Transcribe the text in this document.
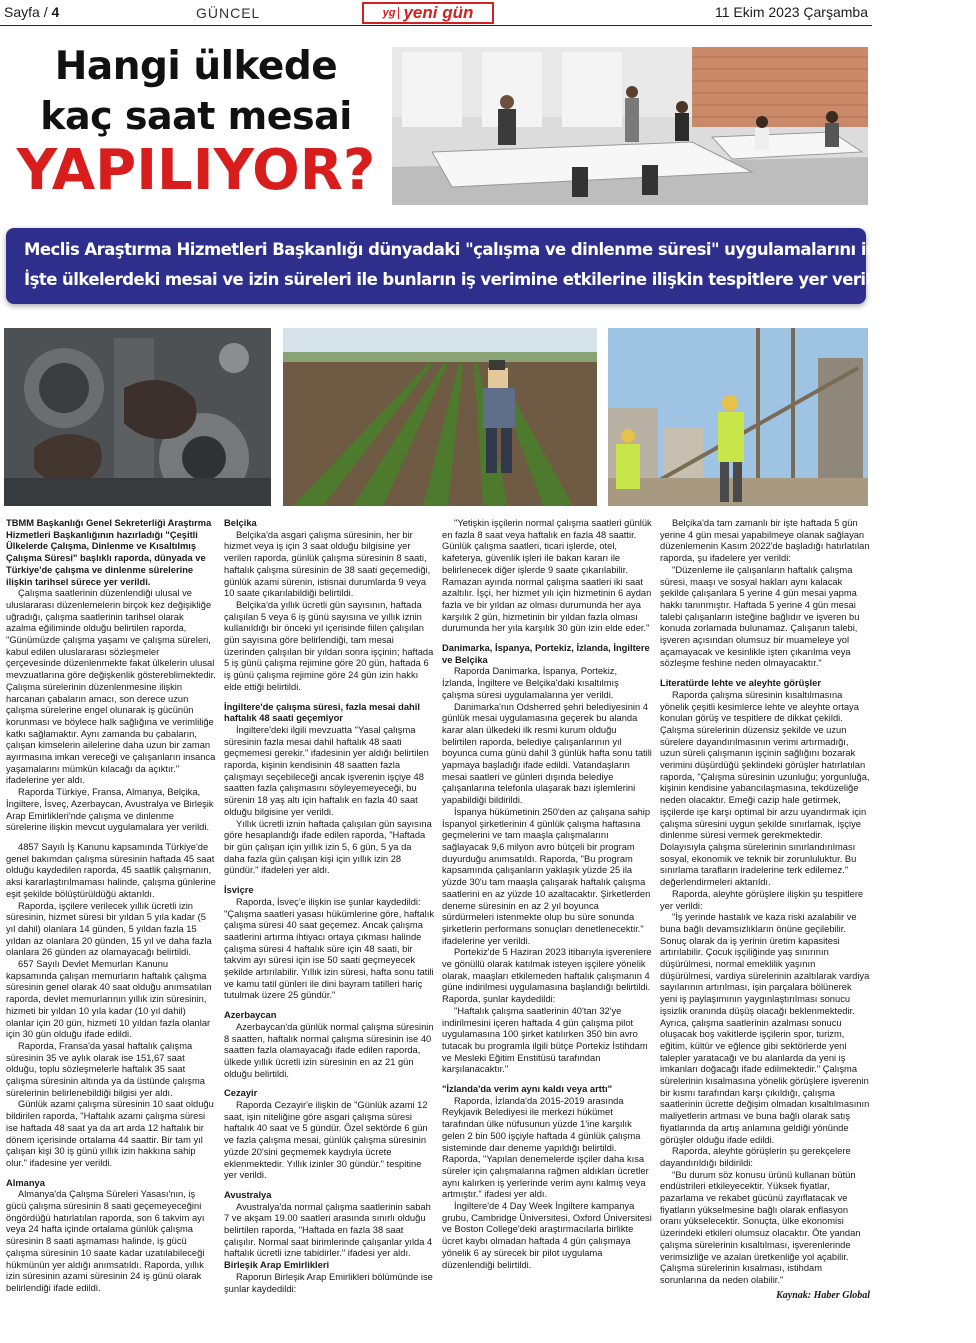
Sayfa / 4	GÜNCEL	yg yeni gün	11 Ekim 2023 Çarşamba
Hangi ülkede
kaç saat mesai
YAPILIYOR?

Meclis Araştırma Hizmetleri Başkanlığı dünyadaki "çalışma ve dinlenme süresi" uygulamalarını inceledi.

İşte ülkelerdeki mesai ve izin süreleri ile bunların iş verimine etkilerine ilişkin tespitlere yer verilen o rapor...

TBMM Başkanlığı Genel Sekreterliği Araştırma Hizmetleri Başkanlığının hazırladığı "Çeşitli Ülkelerde Çalışma, Dinlenme ve Kısaltılmış Çalışma Süresi" başlıklı raporda, dünyada ve Türkiye'de çalışma ve dinlenme sürelerine ilişkin tarihsel sürece yer verildi.

Çalışma saatlerinin düzenlendiği ulusal ve uluslararası düzenlemelerin birçok kez değişikliğe uğradığı, çalışma saatlerinin tarihsel olarak azalma eğiliminde olduğu belirtilen raporda, "Günümüzde çalışma yaşamı ve çalışma süreleri, kabul edilen uluslararası sözleşmeler çerçevesinde düzenlenmekte fakat ülkelerin ulusal mevzuatlarına göre değişkenlik göstereblimektedir. Çalışma sürelerinin düzenlenmesine ilişkin harcanan çabaların amacı, son derece uzun çalışma sürelerine engel olunarak iş gücünün korunması ve böylece halk sağlığına ve verimliliğe katkı sağlamaktır. Aynı zamanda bu çabaların, çalışan kimselerin ailelerine daha uzun bir zaman ayırmasına imkan vereceği ve çalışanların insanca yaşamalarını mümkün kılacağı da açıktır." ifadelerine yer aldı.

Raporda Türkiye, Fransa, Almanya, Belçika, İngiltere, İsveç, Azerbaycan, Avustralya ve Birleşik Arap Emirlikleri'nde çalışma ve dinlenme sürelerine ilişkin mevcut uygulamalara yer verildi.

4857 Sayılı İş Kanunu kapsamında Türkiye'de genel bakımdan çalışma süresinin haftada 45 saat olduğu kaydedilen raporda, 45 saatlik çalışmanın, aksi kararlaştırılmaması halinde, çalışma günlerine eşit şekilde bölüştürüldüğü aktarıldı.

Raporda, işçilere verilecek yıllık ücretli izin süresinin, hizmet süresi bir yıldan 5 yıla kadar (5 yıl dahil) olanlara 14 günden, 5 yıldan fazla 15 yıldan az olanlara 20 günden, 15 yıl ve daha fazla olanlara 26 günden az olamayacağı belirtildi.

657 Sayılı Devlet Memurları Kanunu kapsamında çalışan memurların haftalık çalışma süresinin genel olarak 40 saat olduğu anımsatılan raporda, devlet memurlarının yıllık izin süresinin, hizmeti bir yıldan 10 yıla kadar (10 yıl dahil) olanlar için 20 gün, hizmeti 10 yıldan fazla olanlar için 30 gün olduğu ifade edildi.

Raporda, Fransa'da yasal haftalık çalışma süresinin 35 ve aylık olarak ise 151,67 saat olduğu, toplu sözleşmelerle haftalık 35 saat çalışma süresinin altında ya da üstünde çalışma sürelerinin belirlenebildiği bilgisi yer aldı.

Günlük azami çalışma süresinin 10 saat olduğu bildirilen raporda, "Haftalık azami çalışma süresi ise haftada 48 saat ya da art arda 12 haftalık bir dönem içerisinde ortalama 44 saattir. Bir tam yıl çalışan kişi 30 iş günü yıllık izin hakkına sahip olur." ifadesine yer verildi.

Almanya

Almanya'da Çalışma Süreleri Yasası'nın, iş gücü çalışma süresinin 8 saati geçemeyeceğini öngördüğü hatırlatılan raporda, son 6 takvim ayı veya 24 hafta içinde ortalama günlük çalışma süresinin 8 saati aşmaması halinde, iş gücü çalışma süresinin 10 saate kadar uzatılabileceği hükmünün yer aldığı anımsatıldı. Raporda, yıllık izin süresinin azami süresinin 24 iş günü olarak belirlendiği ifade edildi.

Belçika

Belçika'da asgari çalışma süresinin, her bir hizmet veya iş için 3 saat olduğu bilgisine yer verilen raporda, günlük çalışma süresinin 8 saati, haftalık çalışma süresinin de 38 saati geçemediği, günlük azami sürenin, istisnai durumlarda 9 veya 10 saate çıkarılabildiği belirtildi.

Belçika'da yıllık ücretli gün sayısının, haftada çalışılan 5 veya 6 iş günü sayısına ve yıllık iznin kullanıldığı bir önceki yıl içerisinde fiilen çalışılan gün sayısına göre belirlendiği, tam mesai üzerinden çalışılan bir yıldan sonra işçinin; haftada 5 iş günü çalışma rejimine göre 20 gün, haftada 6 iş günü çalışma rejimine göre 24 gün izin hakkı elde ettiği belirtildi.

İngiltere'de çalışma süresi, fazla mesai dahil haftalık 48 saati geçemiyor

İngiltere'deki ilgili mevzuatta "Yasal çalışma süresinin fazla mesai dahil haftalık 48 saati geçmemesi gerekir." ifadesinin yer aldığı belirtilen raporda, kişinin kendisinin 48 saatten fazla çalışmayı seçebileceği ancak işverenin işçiye 48 saatten fazla çalışmasını söyleyemeyeceği, bu sürenin 18 yaş altı için haftalık en fazla 40 saat olduğu bilgisine yer verildi.

Yıllık ücretli iznin haftada çalışılan gün sayısına göre hesaplandığı ifade edilen raporda, "Haftada bir gün çalışan için yıllık izin 5, 6 gün, 5 ya da daha fazla gün çalışan kişi için yıllık izin 28 gündür." ifadeleri yer aldı.

İsviçre

Raporda, İsveç'e ilişkin ise şunlar kaydedildi: "Çalışma saatleri yasası hükümlerine göre, haftalık çalışma süresi 40 saat geçemez. Ancak çalışma saatlerini artırma ihtiyacı ortaya çıkması halinde çalışma süresi 4 haftalık süre için 48 saati, bir takvim ayı süresi için ise 50 saati geçmeyecek şekilde artırılabilir. Yıllık izin süresi, hafta sonu tatili ve kamu tatil günleri ile dini bayram tatilleri hariç tutulmak üzere 25 gündür."

Azerbaycan

Azerbaycan'da günlük normal çalışma süresinin 8 saatten, haftalık normal çalışma süresinin ise 40 saatten fazla olamayacağı ifade edilen raporda, ülkede yıllık ücretli izin süresinin en az 21 gün olduğu belirtildi.

Cezayir

Raporda Cezayir'e ilişkin de "Günlük azami 12 saat, işin niteliğine göre asgari çalışma süresi haftalık 40 saat ve 5 gündür. Özel sektörde 6 gün ve fazla çalışma mesai, günlük çalışma süresinin yüzde 20'sini geçmemek kaydıyla ücrete eklenmektedir. Yıllık izinler 30 gündür." tespitine yer verildi.

Avustralya

Avustralya'da normal çalışma saatlerinin sabah 7 ve akşam 19.00 saatleri arasında sınırlı olduğu belirtilen raporda, "Haftada en fazla 38 saat çalışılır. Normal saat birimlerinde çalışanlar yılda 4 haftalık ücretli izne tabidirler." ifadesi yer aldı.

Birleşik Arap Emirlikleri

Raporun Birleşik Arap Emirlikleri bölümünde ise şunlar kaydedildi:

"Yetişkin işçilerin normal çalışma saatleri günlük en fazla 8 saat veya haftalık en fazla 48 saattir. Günlük çalışma saatleri, ticari işlerde, otel, kafeterya, güvenlik işleri ile bakan kararı ile belirlenecek diğer işlerde 9 saate çıkarılabilir. Ramazan ayında normal çalışma saatleri iki saat azaltılır. İşçi, her hizmet yılı için hizmetinin 6 aydan fazla ve bir yıldan az olması durumunda her aya karşılık 2 gün, hizmetinin bir yıldan fazla olması durumunda her yıla karşılık 30 gün izin elde eder."

Danimarka, İspanya, Portekiz, İzlanda, İngiltere ve Belçika

Raporda Danimarka, İspanya, Portekiz, İzlanda, İngiltere ve Belçika'daki kısaltılmış çalışma süresi uygulamalarına yer verildi.

Danimarka'nın Odsherred şehri belediyesinin 4 günlük mesai uygulamasına geçerek bu alanda karar alan ülkedeki ilk resmi kurum olduğu belirtilen raporda, belediye çalışanlarının yıl boyunca cuma günü dahil 3 günlük hafta sonu tatili yapmaya başladığı ifade edildi. Vatandaşların mesai saatleri ve günleri dışında belediye çalışanlarına telefonla ulaşarak bazı işlemlerini yapabildiği bildirildi.

İspanya hükümetinin 250'den az çalışana sahip İspanyol şirketlerinin 4 günlük çalışma haftasına geçmelerini ve tam maaşla çalışmalarını sağlayacak 9,6 milyon avro bütçeli bir program duyurduğu anımsatıldı. Raporda, "Bu program kapsamında çalışanların yaklaşık yüzde 25 ila yüzde 30'u tam maaşla çalışarak haftalık çalışma saatlerini en az yüzde 10 azaltacaktır. Şirketlerden deneme süresinin en az 2 yıl boyunca sürdürmeleri istenmekte olup bu süre sonunda şirketlerin performans sonuçları denetlenecektir." ifadelerine yer verildi.

Portekiz'de 5 Haziran 2023 itibarıyla işverenlere ve gönüllü olarak katılmak isteyen işçilere yönelik olarak, maaşları etkilemeden haftalık çalışmanın 4 güne indirilmesi uygulamasına başlandığı belirtildi. Raporda, şunlar kaydedildi:

"Haftalık çalışma saatlerinin 40'tan 32'ye indirilmesini içeren haftada 4 gün çalışma pilot uygulamasına 100 şirket katılırken 350 bin avro tutacak bu programla ilgili bütçe Portekiz İstihdam ve Mesleki Eğitim Enstitüsü tarafından karşılanacaktır."

"İzlanda'da verim aynı kaldı veya arttı"

Raporda, İzlanda'da 2015-2019 arasında Reykjavik Belediyesi ile merkezi hükümet tarafından ülke nüfusunun yüzde 1'ine karşılık gelen 2 bin 500 işçiyle haftada 4 günlük çalışma sisteminde daır deneme yapıldığı belirtildi. Raporda, "Yapılan denemelerde işçiler daha kısa süreler için çalışmalarına rağmen aldıkları ücretler aynı kalırken iş yerlerinde verim aynı kalmış veya artmıştır." ifadesi yer aldı.

İngiltere'de 4 Day Week İngiltere kampanya grubu, Cambridge Üniversitesi, Oxford Üniversitesi ve Boston College'deki araştırmacılarla birlikte ücret kaybı olmadan haftada 4 gün çalışmaya yönelik 6 ay sürecek bir pilot uygulama düzenlendiği belirtildi.

Belçika'da tam zamanlı bir işte haftada 5 gün yerine 4 gün mesai yapabilmeye olanak sağlayan düzenlemenin Kasım 2022'de başladığı hatırlatılan raporda, şu ifadelere yer verildi:

"Düzenleme ile çalışanların haftalık çalışma süresi, maaşı ve sosyal hakları aynı kalacak şekilde çalışanlara 5 yerine 4 gün mesai yapma hakkı tanınmıştır. Haftada 5 yerine 4 gün mesai talebi çalışanların isteğine bağlıdır ve işveren bu konuda zorlamada bulunamaz. Çalışanın talebi, işveren açısından olumsuz bir muameleye yol açamayacak ve kesinlikle işten çıkarılma veya sözleşme feshine neden olmayacaktır."

Literatürde lehte ve aleyhte görüşler

Raporda çalışma süresinin kısaltılmasına yönelik çeşitli kesimlerce lehte ve aleyhte ortaya konulan görüş ve tespitlere de dikkat çekildi. Çalışma sürelerinin düzensiz şekilde ve uzun sürelere dayandırılmasının verimi artırmadığı, uzun süreli çalışmanın işçinin sağlığını bozarak verimini düşürdüğü şeklindeki görüşler hatırlatılan raporda, "Çalışma süresinin uzunluğu; yorgunluğa, kişinin kendisine yabancılaşmasına, tekdüzeliğe neden olacaktır. Emeği cazip hale getirmek, işçilerde işe karşı optimal bir arzu uyandırmak için çalışma süresini uygun şekilde sınırlamak, işçiye dinlenme süresi vermek gerekmektedir. Dolayısıyla çalışma sürelerinin sınırlandırılması sosyal, ekonomik ve teknik bir zorunluluktur. Bu sınırlama tarafların iradelerine terk edilemez." değerlendirmeleri aktarıldı.

Raporda, aleyhte görüşlere ilişkin şu tespitlere yer verildi:

"İş yerinde hastalık ve kaza riski azalabilir ve buna bağlı devamsızlıkların önüne geçilebilir. Sonuç olarak da iş yerinin üretim kapasitesi artırılabilir. Çocuk işçiliğinde yaş sınırının düşürülmesi, normal emeklilik yaşının düşürülmesi, vardiya sürelerinin azaltılarak vardiya sayılarının artırılması, işin parçalara bölünerek yeni iş paylaşımının yaygınlaştırılması sonucu işsizlik oranında düşüş olacağı beklenmektedir. Ayrıca, çalışma saatlerinin azalması sonucu oluşacak boş vakitlerde işçilerin spor, turizm, eğitim, kültür ve eğlence gibi sektörlerde yeni talepler yaratacağı ve bu alanlarda da yeni iş imkanları doğacağı ifade edilmektedir." Çalışma sürelerinin kısalmasına yönelik görüşlere işverenin bir kısmı tarafından karşı çıkıldığı, çalışma saatlerinin ücrette değişim olmadan kısaltılmasının maliyetlerin artması ve buna bağlı olarak satış fiyatlarında da artış anlamına geldiği yönünde görüşler olduğu ifade edildi.

Raporda, aleyhte görüşlerin şu gerekçelere dayandırıldığı bildirildi:

"Bu durum söz konusu ürünü kullanan bütün endüstrileri etkileyecektir. Yüksek fiyatlar, pazarlama ve rekabet gücünü zayıflatacak ve fiyatların yükselmesine bağlı olarak enflasyon oranı yükselecektir. Sonuçta, ülke ekonomisi üzerindeki etkileri olumsuz olacaktır. Öte yandan çalışma sürelerinin kısaltılması, işverenlerinde verimsizliğe ve azalan üretkenliğe yol açabilir. Çalışma sürelerinin kısalması, istihdam sorunlarına da neden olabilir."

Kaynak: Haber Global
